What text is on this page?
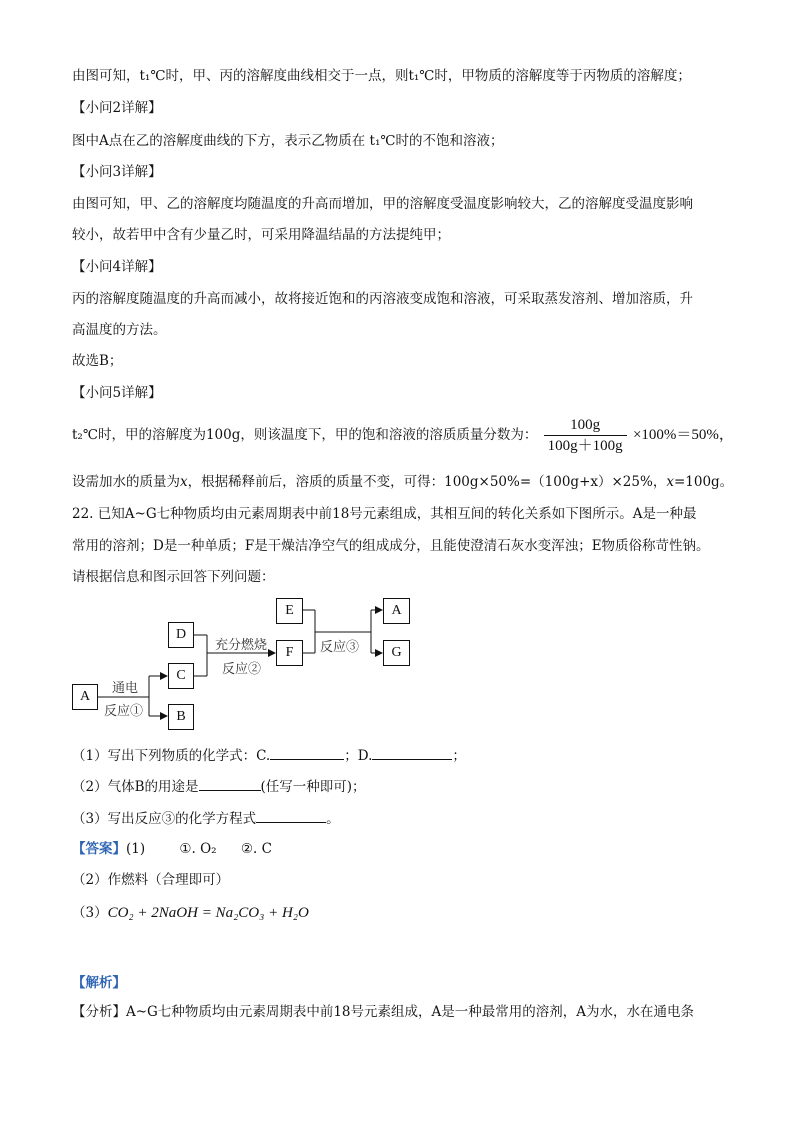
由图可知，t₁℃时，甲、丙的溶解度曲线相交于一点，则t₁℃时，甲物质的溶解度等于丙物质的溶解度；
【小问2详解】
图中A点在乙的溶解度曲线的下方，表示乙物质在 t₁℃时的不饱和溶液；
【小问3详解】
由图可知，甲、乙的溶解度均随温度的升高而增加，甲的溶解度受温度影响较大，乙的溶解度受温度影响
较小，故若甲中含有少量乙时，可采用降温结晶的方法提纯甲；
【小问4详解】
丙的溶解度随温度的升高而减小，故将接近饱和的丙溶液变成饱和溶液，可采取蒸发溶剂、增加溶质，升
高温度的方法。
故选B；
【小问5详解】
t₂℃时，甲的溶解度为100g，则该温度下，甲的饱和溶液的溶质质量分数为： $\frac{100g}{100g+100g} \times 100\%=50\%$，
设需加水的质量为x，根据稀释前后，溶质的质量不变，可得：100g×50%=（100g+x）×25%，x=100g。
22. 已知A~G七种物质均由元素周期表中前18号元素组成，其相互间的转化关系如下图所示。A是一种最
常用的溶剂；D是一种单质；F是干燥洁净空气的组成成分，且能使澄清石灰水变浑浊；E物质俗称苛性钠。
请根据信息和图示回答下列问题：
A
C
B
D
E
F
A
G
通电
反应①
充分燃烧
反应②
反应③
（1）写出下列物质的化学式：C.	；D.	；
（2）气体B的用途是	(任写一种即可)；
（3）写出反应③的化学方程式	。
【答案】(1)	①. O₂ ②. C
（2）作燃料（合理即可）
（3）CO₂ + 2NaOH = Na₂CO₃ + H₂O
【解析】
【分析】A~G七种物质均由元素周期表中前18号元素组成，A是一种最常用的溶剂，A为水，水在通电条
